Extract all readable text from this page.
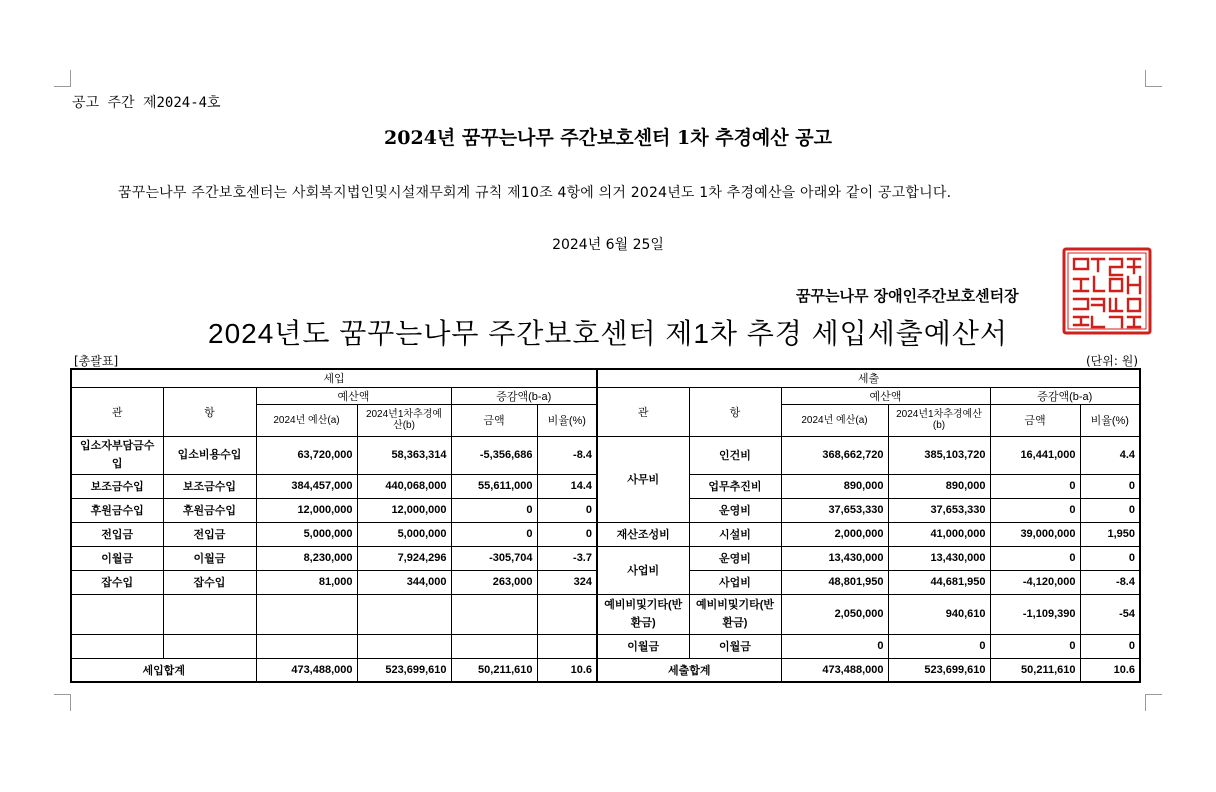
공고 주간 제2024-4호
2024년 꿈꾸는나무 주간보호센터 1차 추경예산 공고
꿈꾸는나무 주간보호센터는 사회복지법인및시설재무회계 규칙 제10조 4항에 의거 2024년도 1차 추경예산을 아래와 같이 공고합니다.
2024년 6월 25일
꿈꾸는나무 장애인주간보호센터장
2024년도 꿈꾸는나무 주간보호센터 제1차 추경 세입세출예산서
[총괄표]	(단위: 원)
세입						세출					
관	항	예산액		증감액(b-a)		관	항	예산액		증감액(b-a)	
		2024년 예산(a)	2024년1차추경예산(b)	금액	비율(%)			2024년 예산(a)	2024년1차추경예산(b)	금액	비율(%)
입소자부담금수입	입소비용수입	63,720,000	58,363,314	-5,356,686	-8.4	사무비	인건비	368,662,720	385,103,720	16,441,000	4.4
보조금수입	보조금수입	384,457,000	440,068,000	55,611,000	14.4		업무추진비	890,000	890,000	0	0
후원금수입	후원금수입	12,000,000	12,000,000	0	0		운영비	37,653,330	37,653,330	0	0
전입금	전입금	5,000,000	5,000,000	0	0	재산조성비	시설비	2,000,000	41,000,000	39,000,000	1,950
이월금	이월금	8,230,000	7,924,296	-305,704	-3.7	사업비	운영비	13,430,000	13,430,000	0	0
잡수입	잡수입	81,000	344,000	263,000	324		사업비	48,801,950	44,681,950	-4,120,000	-8.4
						예비비및기타(반환금)	예비비및기타(반환금)	2,050,000	940,610	-1,109,390	-54
						이월금	이월금	0	0	0	0
세입합계		473,488,000	523,699,610	50,211,610	10.6	세출합계		473,488,000	523,699,610	50,211,610	10.6
